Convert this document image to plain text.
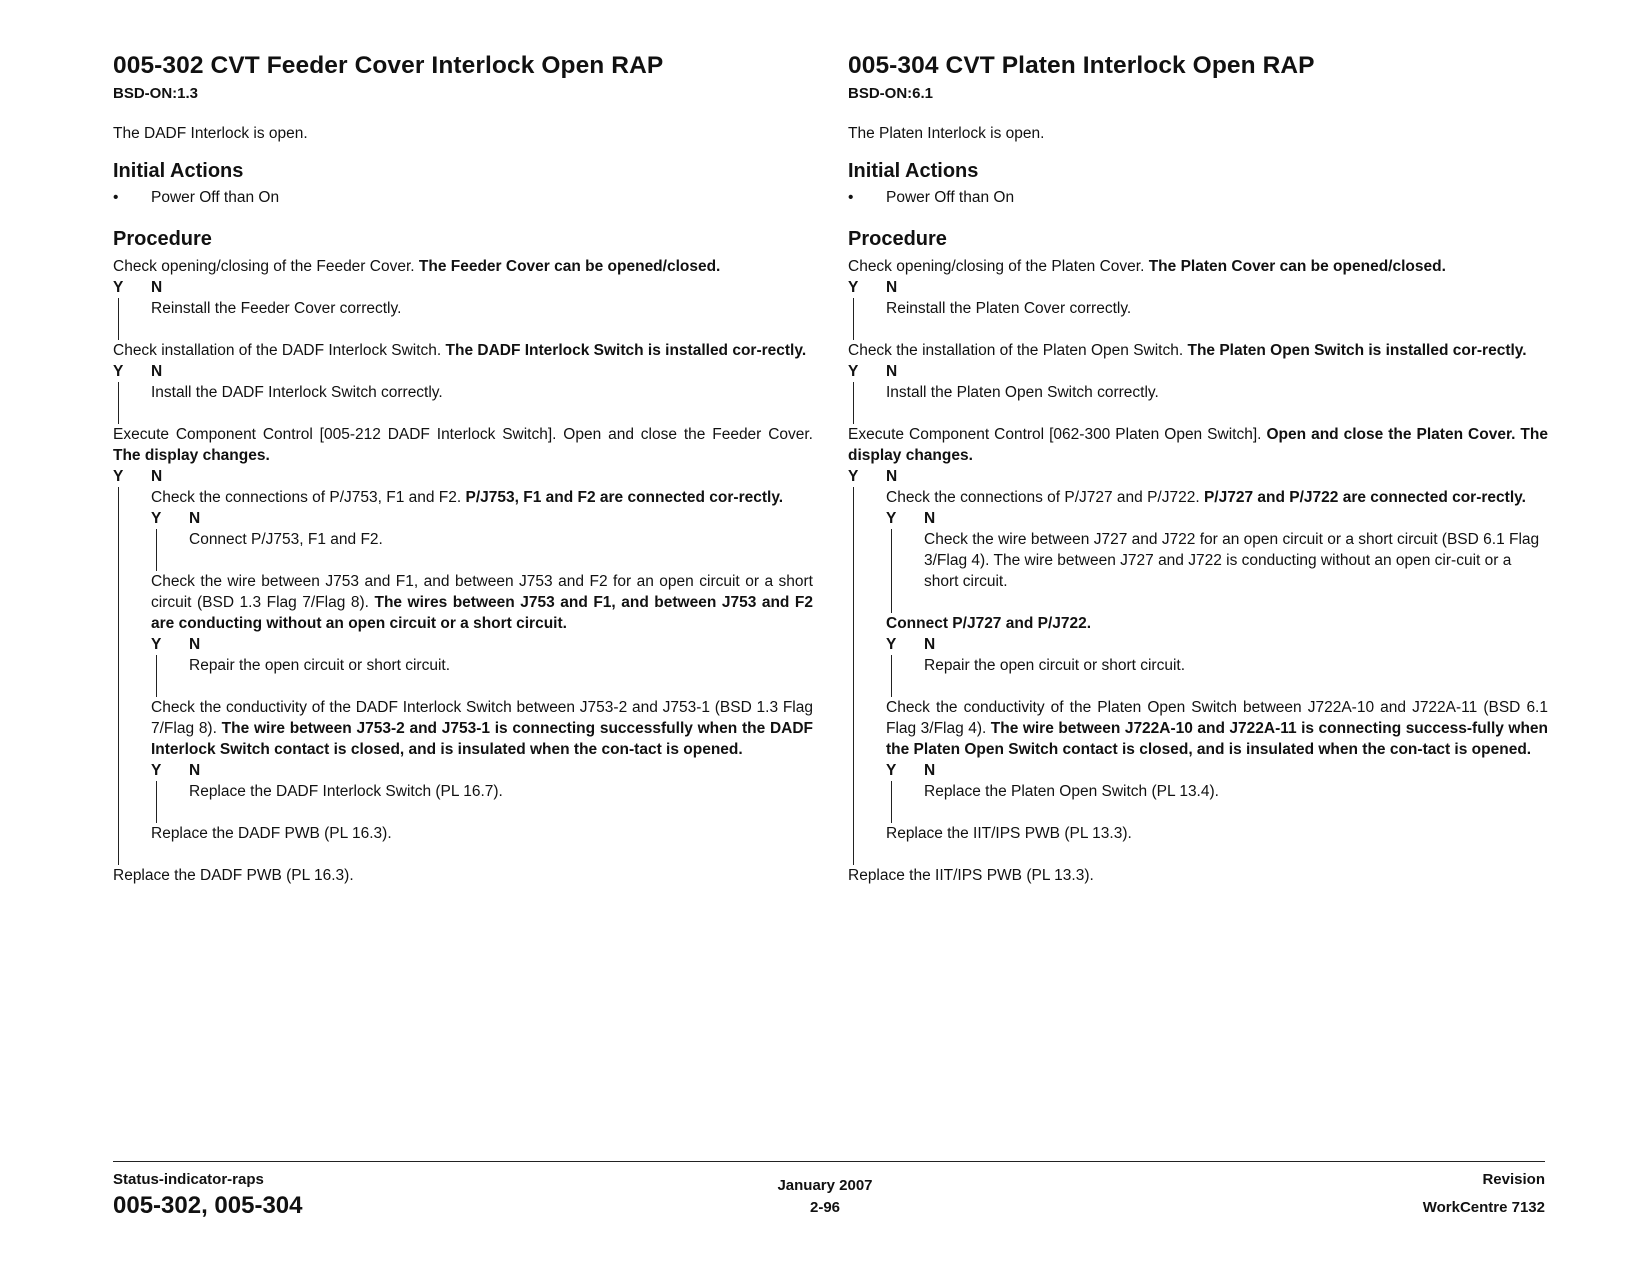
005-302 CVT Feeder Cover Interlock Open RAP
BSD-ON:1.3
The DADF Interlock is open.
Initial Actions
• Power Off than On
Procedure
Check opening/closing of the Feeder Cover. The Feeder Cover can be opened/closed.
Y N
Reinstall the Feeder Cover correctly.
Check installation of the DADF Interlock Switch. The DADF Interlock Switch is installed cor-rectly.
Y N
Install the DADF Interlock Switch correctly.
Execute Component Control [005-212 DADF Interlock Switch]. Open and close the Feeder Cover. The display changes.
Y N
Check the connections of P/J753, F1 and F2. P/J753, F1 and F2 are connected cor-rectly.
Y N
Connect P/J753, F1 and F2.
Check the wire between J753 and F1, and between J753 and F2 for an open circuit or a short circuit (BSD 1.3 Flag 7/Flag 8). The wires between J753 and F1, and between J753 and F2 are conducting without an open circuit or a short circuit.
Y N
Repair the open circuit or short circuit.
Check the conductivity of the DADF Interlock Switch between J753-2 and J753-1 (BSD 1.3 Flag 7/Flag 8). The wire between J753-2 and J753-1 is connecting successfully when the DADF Interlock Switch contact is closed, and is insulated when the con-tact is opened.
Y N
Replace the DADF Interlock Switch (PL 16.7).
Replace the DADF PWB (PL 16.3).
Replace the DADF PWB (PL 16.3).
005-304 CVT Platen Interlock Open RAP
BSD-ON:6.1
The Platen Interlock is open.
Initial Actions
• Power Off than On
Procedure
Check opening/closing of the Platen Cover. The Platen Cover can be opened/closed.
Y N
Reinstall the Platen Cover correctly.
Check the installation of the Platen Open Switch. The Platen Open Switch is installed cor-rectly.
Y N
Install the Platen Open Switch correctly.
Execute Component Control [062-300 Platen Open Switch]. Open and close the Platen Cover. The display changes.
Y N
Check the connections of P/J727 and P/J722. P/J727 and P/J722 are connected cor-rectly.
Y N
Check the wire between J727 and J722 for an open circuit or a short circuit (BSD 6.1 Flag 3/Flag 4). The wire between J727 and J722 is conducting without an open cir-cuit or a short circuit.
Connect P/J727 and P/J722.
Y N
Repair the open circuit or short circuit.
Check the conductivity of the Platen Open Switch between J722A-10 and J722A-11 (BSD 6.1 Flag 3/Flag 4). The wire between J722A-10 and J722A-11 is connecting success-fully when the Platen Open Switch contact is closed, and is insulated when the con-tact is opened.
Y N
Replace the Platen Open Switch (PL 13.4).
Replace the IIT/IPS PWB (PL 13.3).
Replace the IIT/IPS PWB (PL 13.3).
Status-indicator-raps
005-302, 005-304
January 2007
2-96
Revision
WorkCentre 7132
